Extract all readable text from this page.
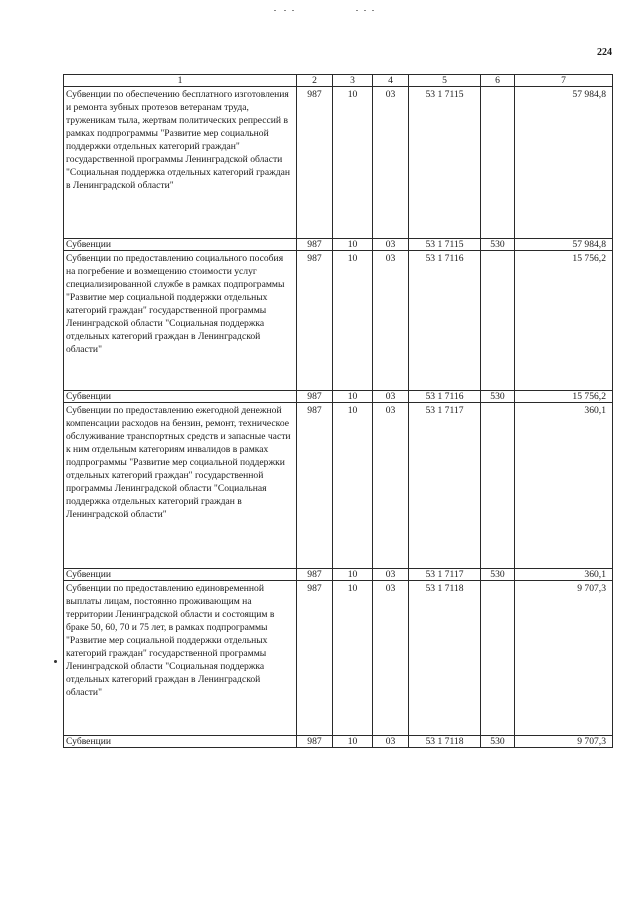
224
1	2	3	4	5	6	7
Субвенции по обеспечению бесплатного изготовления и ремонта зубных протезов ветеранам труда, труженикам тыла, жертвам политических репрессий в рамках подпрограммы "Развитие мер социальной поддержки отдельных категорий граждан" государственной программы Ленинградской области "Социальная поддержка отдельных категорий граждан в Ленинградской области"	987	10	03	53 1 7115		57 984,8
Субвенции	987	10	03	53 1 7115	530	57 984,8
Субвенции по предоставлению социального пособия на погребение и возмещению стоимости услуг специализированной службе в рамках подпрограммы "Развитие мер социальной поддержки отдельных категорий граждан" государственной программы Ленинградской области "Социальная поддержка отдельных категорий граждан в Ленинградской области"	987	10	03	53 1 7116		15 756,2
Субвенции	987	10	03	53 1 7116	530	15 756,2
Субвенции по предоставлению ежегодной денежной компенсации расходов на бензин, ремонт, техническое обслуживание транспортных средств и запасные части к ним отдельным категориям инвалидов в рамках подпрограммы "Развитие мер социальной поддержки отдельных категорий граждан" государственной программы Ленинградской области "Социальная поддержка отдельных категорий граждан в Ленинградской области"	987	10	03	53 1 7117		360,1
Субвенции	987	10	03	53 1 7117	530	360,1
Субвенции по предоставлению единовременной выплаты лицам, постоянно проживающим на территории Ленинградской области и состоящим в браке 50, 60, 70 и 75 лет, в рамках подпрограммы "Развитие мер социальной поддержки отдельных категорий граждан" государственной программы Ленинградской области "Социальная поддержка отдельных категорий граждан в Ленинградской области"	987	10	03	53 1 7118		9 707,3
Субвенции	987	10	03	53 1 7118	530	9 707,3
